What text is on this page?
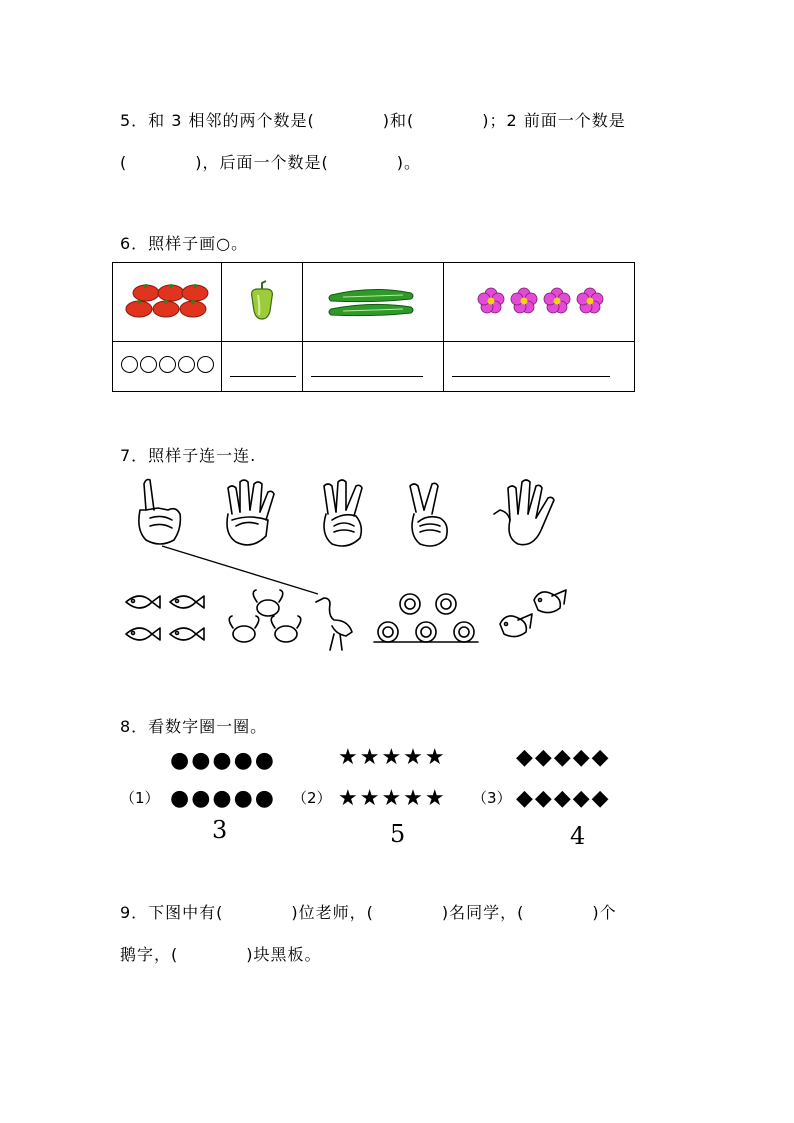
5．和 3 相邻的两个数是(　　　　)和(　　　　)；2 前面一个数是
(　　　　)，后面一个数是(　　　　)。
6．照样子画○。

7．照样子连一连.
8．看数字圈一圈。
●●●●●
（1） ●●●●●
3
★★★★★
（2） ★★★★★
5
◆◆◆◆◆
（3） ◆◆◆◆◆
4
9．下图中有(　　　　)位老师，(　　　　)名同学，(　　　　)个
鹅字，(　　　　)块黑板。
